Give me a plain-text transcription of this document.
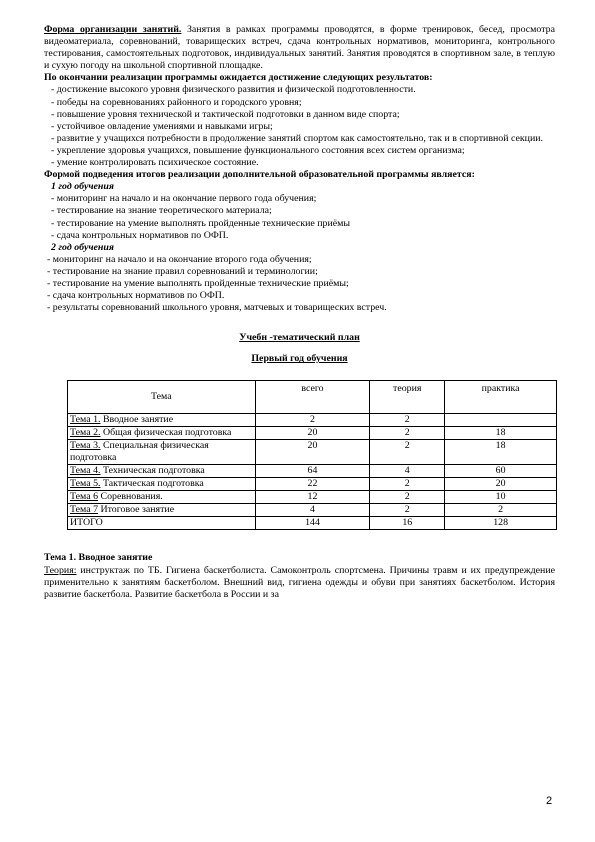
Форма организации занятий. Занятия в рамках программы проводятся, в форме тренировок, бесед, просмотра видеоматериала, соревнований, товарищеских встреч, сдача контрольных нормативов, мониторинга, контрольного тестирования, самостоятельных подготовок, индивидуальных занятий. Занятия проводятся в спортивном зале, в теплую и сухую погоду на школьной спортивной площадке.

По окончании реализации программы ожидается достижение следующих результатов:

- достижение высокого уровня физического развития и физической подготовленности.

- победы на соревнованиях районного и городского уровня;

- повышение уровня технической и тактической подготовки в данном виде спорта;

- устойчивое овладение умениями и навыками игры;

- развитие у учащихся потребности в продолжение занятий спортом как самостоятельно, так и в спортивной секции.

- укрепление здоровья учащихся, повышение функционального состояния всех систем организма;

- умение контролировать психическое состояние.

Формой подведения итогов реализации дополнительной образовательной программы является:

1 год обучения

- мониторинг на начало и на окончание первого года обучения;

- тестирование на знание теоретического материала;

- тестирование на умение выполнять пройденные технические приёмы

- сдача контрольных нормативов по ОФП.

2 год обучения

- мониторинг на начало и на окончание второго года обучения;

- тестирование на знание правил соревнований и терминологии;

- тестирование на умение выполнять пройденные технические приёмы;

- сдача контрольных нормативов по ОФП.

- результаты соревнований школьного уровня, матчевых и товарищеских встреч.

Учебн -тематический план

Первый год обучения

Тема	всего	теория	практика
Тема 1. Вводное занятие	2	2	
Тема 2. Общая физическая подготовка	20	2	18
Тема 3. Специальная физическая подготовка	20	2	18
Тема 4. Техническая подготовка	64	4	60
Тема 5. Тактическая подготовка	22	2	20
Тема 6 Соревнования.	12	2	10
Тема 7 Итоговое занятие	4	2	2
ИТОГО	144	16	128

Тема 1. Вводное занятие

Теория: инструктаж по ТБ. Гигиена баскетболиста. Самоконтроль спортсмена. Причины травм и их предупреждение применительно к занятиям баскетболом. Внешний вид, гигиена одежды и обуви при занятиях баскетболом. История развитие баскетбола. Развитие баскетбола в России и за

2
